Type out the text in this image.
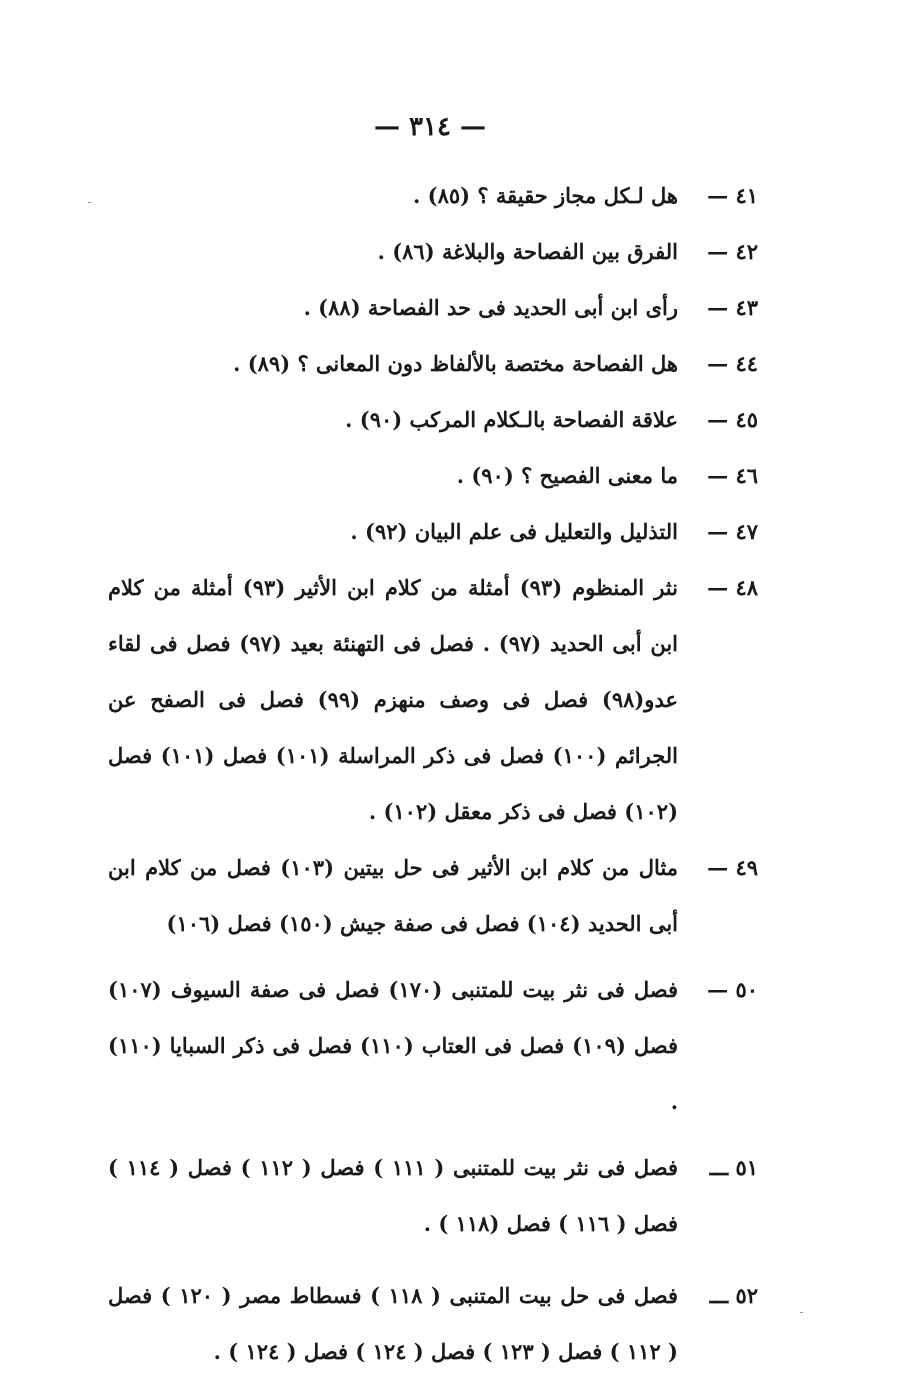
— ٣١٤ —

٤١ —
هل لـكل مجاز حقيقة ؟ (٨٥) .

٤٢ —
الفرق بين الفصاحة والبلاغة (٨٦) .

٤٣ —
رأى ابن أبى الحديد فى حد الفصاحة (٨٨) .

٤٤ —
هل الفصاحة مختصة بالألفاظ دون المعانى ؟ (٨٩) .

٤٥ —
علاقة الفصاحة بالـكلام المركب (٩٠) .

٤٦ —
ما معنى الفصيح ؟ (٩٠) .

٤٧ —
التذليل والتعليل فى علم البيان (٩٢) .

٤٨ —
نثر المنظوم (٩٣) أمثلة من كلام ابن الأثير (٩٣) أمثلة من كلام ابن أبى الحديد (٩٧) . فصل فى التهنئة بعيد (٩٧) فصل فى لقاء عدو(٩٨) فصل فى وصف منهزم (٩٩) فصل فى الصفح عن الجرائم (١٠٠) فصل فى ذكر المراسلة (١٠١) فصل (١٠١) فصل (١٠٢) فصل فى ذكر معقل (١٠٢) .

٤٩ —
مثال من كلام ابن الأثير فى حل بيتين (١٠٣) فصل من كلام ابن أبى الحديد (١٠٤) فصل فى صفة جيش (١٥٠) فصل (١٠٦)

٥٠ —
فصل فى نثر بيت للمتنبى (١٧٠) فصل فى صفة السيوف (١٠٧) فصل (١٠٩) فصل فى العتاب (١١٠) فصل فى ذكر السبايا (١١٠) .

٥١ ـــ
فصل فى نثر بيت للمتنبى ( ١١١ ) فصل ( ١١٢ ) فصل ( ١١٤ ) فصل ( ١١٦ ) فصل (١١٨ ) .

٥٢ ـــ
فصل فى حل بيت المتنبى ( ١١٨ ) فسطاط مصر ( ١٢٠ ) فصل ( ١١٢ ) فصل ( ١٢٣ ) فصل ( ١٢٤ ) فصل ( ١٢٤ ) .
